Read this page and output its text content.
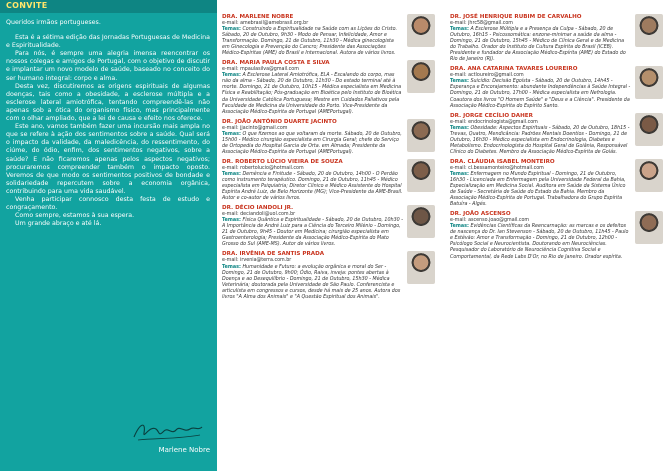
CONVITE

Queridos irmãos portugueses.

Esta é a sétima edição das Jornadas Portuguesas de Medicina e Espiritualidade.

Para nós, é sempre uma alegria imensa reencontrar os nossos colegas e amigos de Portugal, com o objetivo de discutir e implantar um novo modelo de saúde, baseado no conceito do ser humano integral: corpo e alma.

Desta vez, discutiremos as origens espirituais de algumas doenças, tais como a obesidade, a esclerose múltipla e a esclerose lateral amiotrófica, tentando compreendê-las não apenas sob a ótica do organismo físico, mas principalmente com o olhar ampliado, que a lei de causa e efeito nos oferece.

Este ano, vamos também fazer uma incursão mais ampla no que se refere à ação dos sentimentos sobre a saúde. Qual será o impacto da validade, da maledicência, do ressentimento, do ciúme, do ódio, enfim, dos sentimentos negativos, sobre a saúde? E não ficaremos apenas pelos aspectos negativos; procuraremos compreender também o impacto oposto. Veremos de que modo os sentimentos positivos de bondade e solidariedade repercutem sobre a economia orgânica, contribuindo para uma vida saudável.

Venha participar connosco desta festa de estudo e congraçamento.

Como sempre, estamos à sua espera.

Um grande abraço e até lá.

Marlene Nobre
DRA. MARLENE NOBRE
e-mail: amebrasil@amebrasil.org.br
Temas: Construindo a Espiritualidade na Saúde com as Lições do Cristo. Sábado, 20 de Outubro, 9h30 - Modo de Pensar, Infelicidade, Amor e Transformação. Domingo, 21 de Outubro, 11h30 - Médica ginecologista em Ginecologia e Prevenção do Cancro; Presidente das Associações Médico-Espíritas (AME) do Brasil e Internacional. Autora de vários livros.
DRA. MARIA PAULA COSTA E SILVA
e-mail: mpaulasilva@gmail.com
Temas: A Esclerose Lateral Amiotrófica, ELA - Escalando do corpo, mas não da alma - Sábado, 20 de Outubro, 11h30 - Do estado terminal até à morte. Domingo, 21 de Outubro, 10h15 - Médica especialista em Medicina Física e Reabilitação; Pós-graduação em Bioética pelo Instituto de Bioética da Universidade Católica Portuguesa; Mestre em Cuidados Paliativos pela Faculdade de Medicina da Universidade do Porto. Vice-Presidente da Associação Médico-Espírita de Portugal (AMEPortugal).
DR. JOÃO ANTÓNIO DUARTE JACINTO
e-mail: jjacinto@gmail.com
Temas: O que fizemos ao que voltaram da morte. Sábado, 20 de Outubro, 15h00 - Médico cirurgião especialista em Cirurgia Geral; chefe do Serviço de Ortopedia do Hospital Garcia de Orta. em Almada; Presidente da Associação Médico-Espírita de Portugal (AMEPortugal).
DR. ROBERTO LÚCIO VIEIRA DE SOUZA
e-mail: robertolucio@hotmail.com
Temas: Demência e Finitude - Sábado, 20 de Outubro, 14h00 - O Perdão como instrumento terapêutico. Domingo, 21 de Outubro, 11h45 - Médico especialista em Psiquiatria; Diretor Clínico e Médico Assistente do Hospital Espírita André Luiz, de Belo Horizonte (MG); Vice-Presidente da AME-Brasil. Autor e co-autor de vários livros.
DR. DÉCIO IANDOLI JR.
e-mail: deciandoli@uol.com.br
Temas: Física Quântica e Espiritualidade - Sábado, 20 de Outubro, 10h30 - A Importância de André Luiz para a Ciência do Terceiro Milénio - Domingo, 21 de Outubro, 9h45 - Doutor em Medicina; cirurgião especialista em Gastroenterologia; Presidente da Associação Médico-Espírita do Mato Grosso do Sul (AME-MS). Autor de vários livros.
DRA. IRVÊNIA DE SANTIS PRADA
e-mail: irvenia@terra.com.br
Temas: Humanidade e Futuro: a evolução orgânica e moral do Ser - Domingo, 21 de Outubro, 9h00; Ódio, Raiva, inveja: pontes abertas à Doença e ao Desequilíbrio - Domingo, 21 de Outubro, 15h30 - Médica Veterinária; doutorada pela Universidade de São Paulo. Conferencista e articulista em congressos e cursos, desde há mais de 25 anos. Autora dos livros "A Alma dos Animais" e "A Questão Espiritual dos Animais".
DR. JOSÉ HENRIQUE RUBIM DE CARVALHO
e-mail: jhrc58@gmail.com
Temas: A Esclerose Múltipla e a Presença da Culpa - Sábado, 20 de Outubro, 16h15 - Psicossomática: enzone-minimar a saúde da alma - Domingo, 21 de Outubro, 15h45 - Médico de Clínica Geral e de Medicina do Trabalho. Orador do Instituto de Cultura Espírita do Brasil (ICEB). Presidente e fundador da Associação Médico-Espírita (AME) do Estado do Rio de Janeiro (RJ).
DRA. ANA CATARINA TAVARES LOUREIRO
e-mail: actloureiro@gmail.com
Temas: Suicídio: Decisão Egoísta - Sábado, 20 de Outubro, 14h45 - Esperança e Encorajamento: abundante Independências à Saúde Integral - Domingo, 21 de Outubro, 17h00 - Médica especialista em Nefrologia. Coautora dos livros "O Homem Saúde" e "Deus e a Ciência". Presidente da Associação Médico-Espírita do Espírito Santo.
DR. JORGE CECÍLIO DAHER
e-mail: endocrinologista@gmail.com
Temas: Obesidade: Aspectos Espirituais - Sábado, 20 de Outubro, 18h15 - Trevas, Quatro, Mendicância: Padrões Mentais Doentios - Domingo, 21 de Outubro, 16h30 - Médico especialista em Endocrinologia, Diabetes e Metabolismo. Endocrinologista do Hospital Geral de Goiânia, Responsável Clínico do Diabetes. Membro da Associação Médico-Espírita de Goiás.
DRA. CLÁUDIA ISABEL MONTEIRO
e-mail: cl.bessamonteiro@hotmail.com
Temas: Enfermagem no Mundo Espiritual - Domingo, 21 de Outubro, 16h30 - Licenciada em Enfermagem pela Universidade Federal da Bahia, Especialização em Medicina Social. Auditora em Saúde da Sistema Único de Saúde - Secretária de Saúde do Estado da Bahia. Membro da Associação Médico-Espírita de Portugal. Trabalhadora do Grupo Espírita Batuíra - Algés.
DR. JOÃO ASCENSO
e-mail: ascenso.joao@gmail.com
Temas: Evidências Científicas da Reencarnação: as marcas e os defeitos de nascença do Dr. Ian Stevenson - Sábado, 20 de Outubro, 11h45 - Paulo e Estêvão: Amor e Transformação - Domingo, 21 de Outubro, 12h00 - Psicólogo Social e Neurocientista. Doutorando em Neurociências. Pesquisador do Laboratório de Neurociência Cognitiva Social e Comportamental, da Rede Labs D'Or, no Rio de Janeiro. Orador espírita.
